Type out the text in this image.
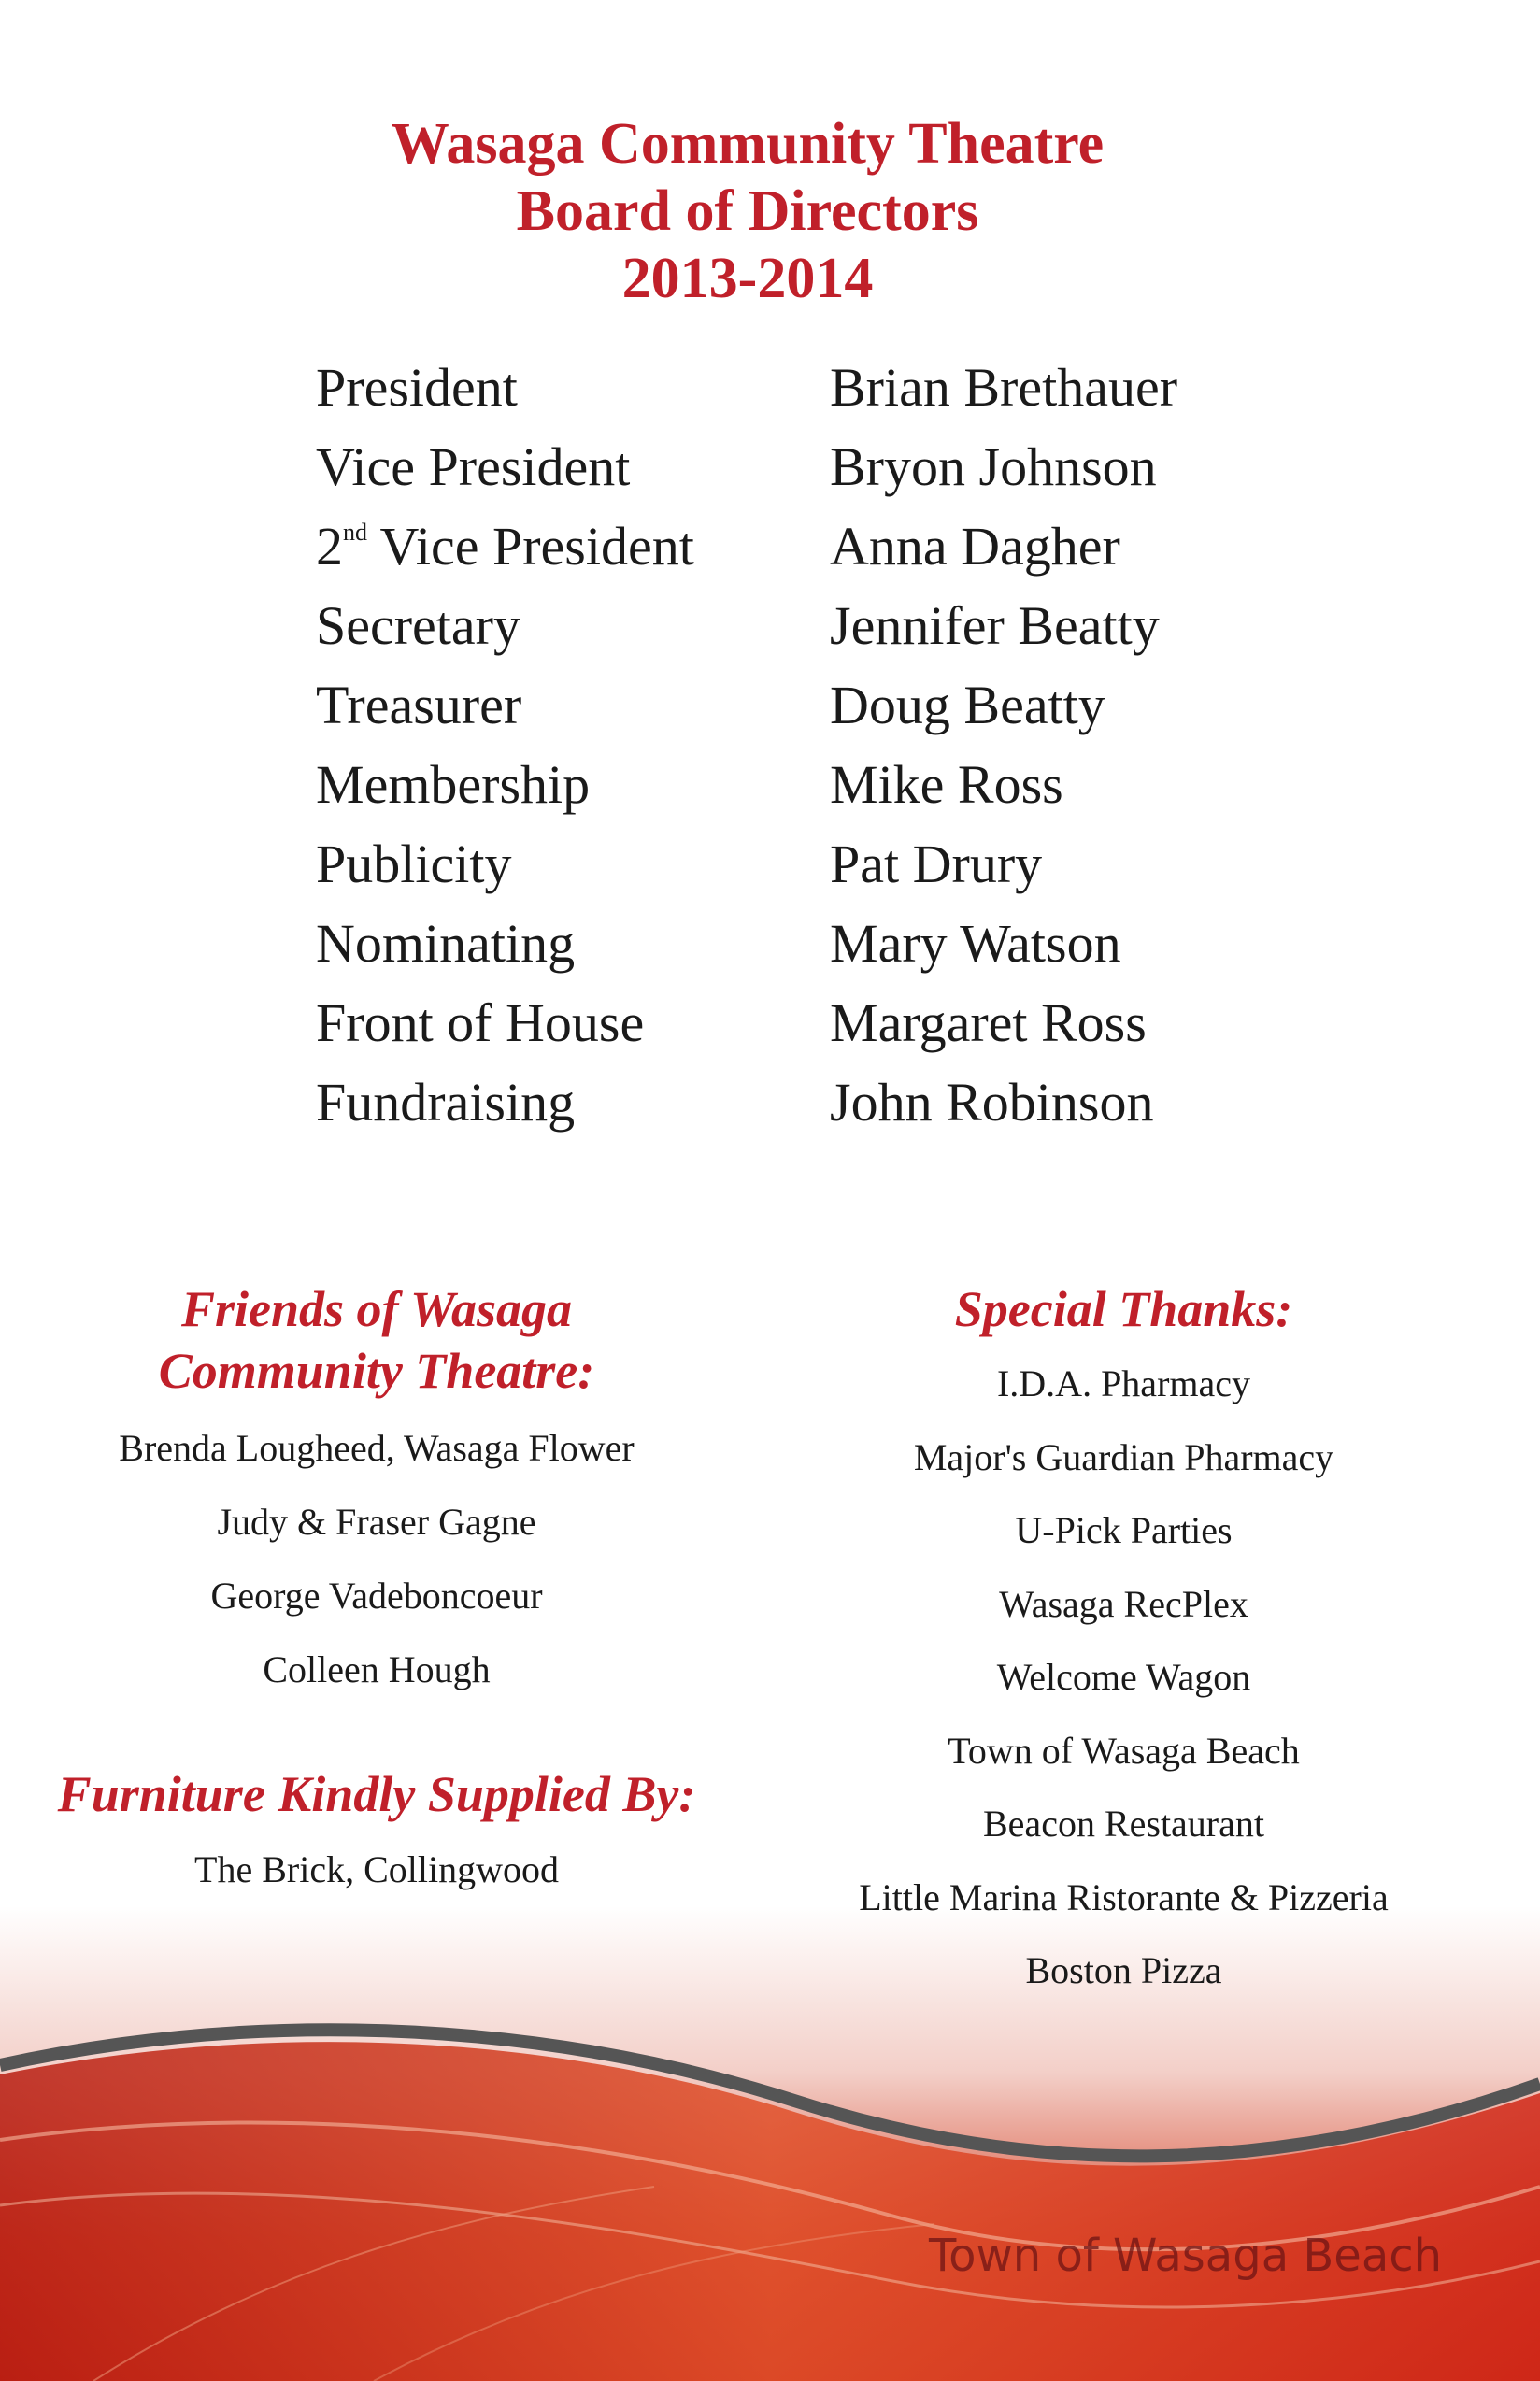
Wasaga Community Theatre
Board of Directors
2013-2014
President	Brian Brethauer
Vice President	Bryon Johnson
2nd Vice President	Anna Dagher
Secretary	Jennifer Beatty
Treasurer	Doug Beatty
Membership	Mike Ross
Publicity	Pat Drury
Nominating	Mary Watson
Front of House	Margaret Ross
Fundraising	John Robinson
Friends of Wasaga
Community Theatre:
Brenda Lougheed, Wasaga Flower
Judy & Fraser Gagne
George Vadeboncoeur
Colleen Hough
Furniture Kindly Supplied By:
The Brick, Collingwood
Special Thanks:
I.D.A. Pharmacy
Major's Guardian Pharmacy
U-Pick Parties
Wasaga RecPlex
Welcome Wagon
Town of Wasaga Beach
Beacon Restaurant
Little Marina Ristorante & Pizzeria
Boston Pizza
Town of Wasaga Beach
